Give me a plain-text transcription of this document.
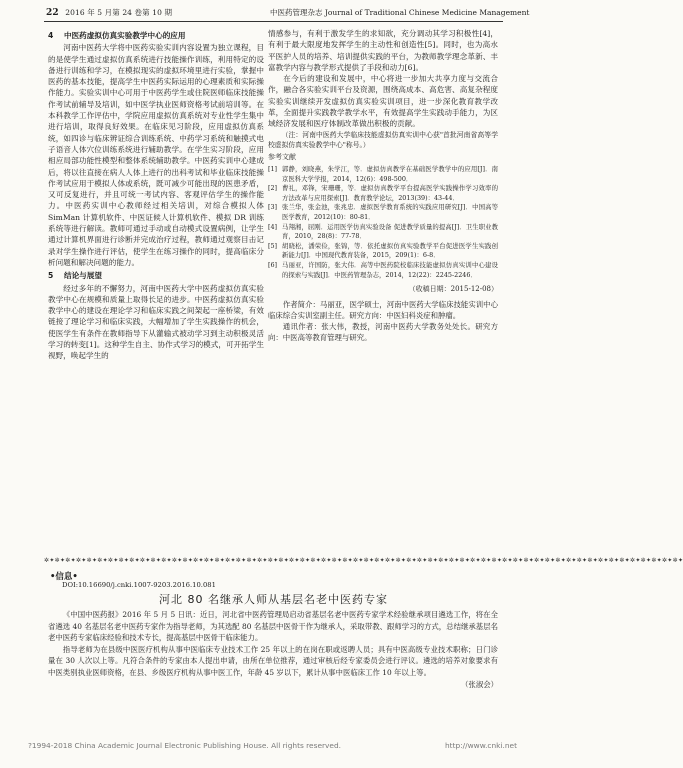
22 2016 年 5 月第 24 卷第 10 期	中医药管理杂志 Journal of Traditional Chinese Medicine Management

4 中医药虚拟仿真实验教学中心的应用

河南中医药大学将中医药实验实训内容设置为独立课程，目的是使学生通过虚拟仿真系统进行技能操作训练，利用特定的设备进行训练和学习，在模拟现实的虚拟环境里进行实验，掌握中医药的基本技能，提高学生中医药实际运用的心理素质和实际操作能力。实验实训中心可用于中医药学生或住院医师临床技能操作考试前辅导及培训，如中医学执业医师资格考试前培训等。在本科教学工作评估中，学院应用虚拟仿真系统对专业性学生集中进行培训，取得良好效果。在临床见习阶段，应用虚拟仿真系统，如四诊与临床辨证综合训练系统、中药学习系统和触摸式电子语音人体穴位训练系统进行辅助教学。在学生实习阶段，应用相应局部功能性模型和整体系统辅助教学。中医药实训中心建成后，将以往直接在病人人体上进行的出科考试和毕业临床技能操作考试应用于模拟人体或系统，既可减少可能出现的医患矛盾，又可反复进行，并且可统一考试内容、客观评估学生的操作能力。中医药实训中心教师经过相关培训，对综合模拟人体 SimMan 计算机软件、中医证候人计算机软件、模拟 DR 训练系统等进行解读。教师可通过手动或自动模式设置病例，让学生通过计算机界面进行诊断并完成治疗过程，教师通过观察目击记录对学生操作进行评估，使学生在练习操作的同时，提高临床分析问题和解决问题的能力。

5 结论与展望

经过多年的不懈努力，河南中医药大学中医药虚拟仿真实验教学中心在规模和质量上取得长足的进步。中医药虚拟仿真实验教学中心的建设在理论学习和临床实践之间架起一座桥梁，有效链接了理论学习和临床实践，大幅增加了学生实践操作的机会，使医学生有条件在教师指导下从灌输式被动学习到主动积极灵活学习的转变[1]。这种学生自主、协作式学习的模式，可开拓学生视野，唤起学生的

情感参与，有利于激发学生的求知欲，充分调动其学习积极性[4]，有利于最大限度地发挥学生的主动性和创造性[5]。同时，也为高水平医护人员的培养、培训提供实践的平台，为教师教学理念革新、丰富教学内容与教学形式提供了手段和动力[6]。

在今后的建设和发展中，中心将进一步加大共享力度与交流合作，融合各实验实训平台及资源，围绕高成本、高危害、高复杂程度实验实训继续开发虚拟仿真实验实训项目，进一步深化教育教学改革，全面提升实践教学教学水平，有效提高学生实践动手能力，为区域经济发展和医疗体制改革做出积极的贡献。

（注：河南中医药大学临床技能虚拟仿真实训中心获"首批河南省高等学校虚拟仿真实验教学中心"称号。）

参考文献
[1] 郭静，刘晓燕，朱学江，等．虚拟仿真教学在基础医学教学中的应用[J]．南京医科大学学报，2014，12(6)：498-500．
[2] 曹礼，邓锋，宋珊珊，等．虚拟仿真教学平台提高医学实践操作学习效率的方法改革与应用探索[J]．教育教学论坛，2013(39)：43-44．
[3] 张兰华，张金池，张兆忠．虚拟医学教育系统的实践应用研究[J]．中国高等医学教育，2012(10)：80-81．
[4] 马翔湘，屈刚．运用医学仿真实验设备 促进教学质量的提高[J]．卫生职业教育，2010，28(8)：77-78．
[5] 胡晓松，潘荣俭，张锦，等．依托虚拟仿真实验教学平台促进医学生实践创新能力[J]．中国现代教育装备，2015，209(1)：6-8．
[6] 马丽亚，许国防，张大伟．高等中医药院校临床技能虚拟仿真实训中心建设的探索与实践[J]．中医药管理杂志，2014，12(22)：2245-2246．
（收稿日期：2015-12-08）

作者简介：马丽亚，医学硕士，河南中医药大学临床技能实训中心临床综合实训室副主任。研究方向：中医妇科炎症和肿瘤。

通讯作者：张大伟，教授，河南中医药大学教务处处长。研究方向：中医高等教育管理与研究。

✲✦✲✦✲✦✲✦✲✦✲✦✲✦✲✦✲✦✲✦✲✦✲✦✲✦✲✦✲✦✲✦✲✦✲✦✲✦✲✦✲✦✲✦✲✦✲✦✲✦✲✦✲✦✲✦✲✦✲✦✲✦✲✦✲✦✲✦✲✦✲✦✲✦✲✦✲✦✲✦✲✦✲✦✲✦✲✦✲✦✲✦✲✦✲✦✲✦✲✦✲✦✲✦✲✦✲✦✲✦✲✦✲✦✲✦✲✦✲✦
•信息•
DOI:10.16690/j.cnki.1007-9203.2016.10.081
河北 80 名继承人师从基层名老中医药专家

《中国中医药报》2016 年 5 月 5 日讯：近日，河北省中医药管理局启动省基层名老中医药专家学术经验继承项目遴选工作，将在全省遴选 40 名基层名老中医药专家作为指导老师，为其选配 80 名基层中医骨干作为继承人，采取带教、跟师学习的方式，总结继承基层名老中医药专家临床经验和技术专长，提高基层中医骨干临床能力。

指导老师为在县级中医医疗机构从事中医临床专业技术工作 25 年以上的在岗在职或返聘人员；具有中医高级专业技术职称；日门诊量在 30 人次以上等。凡符合条件的专家由本人提出申请，由所在单位推荐，通过审核后经专家委员会进行评议。遴选的培养对象要求有中医类别执业医师资格，在县、乡级医疗机构从事中医工作，年龄 45 岁以下，累计从事中医临床工作 10 年以上等。

（张淑会）

?1994-2018 China Academic Journal Electronic Publishing House. All rights reserved.	http://www.cnki.net
